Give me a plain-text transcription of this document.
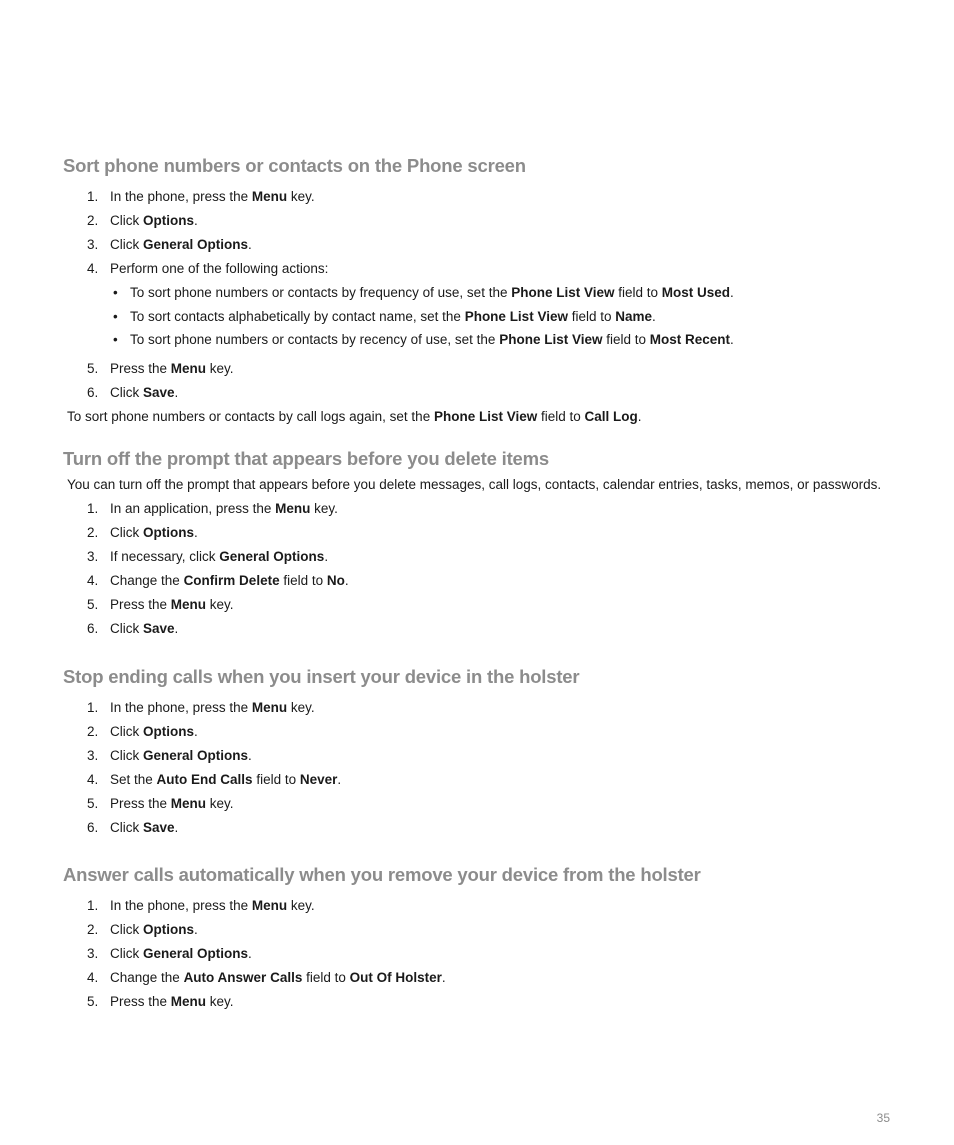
Sort phone numbers or contacts on the Phone screen
1. In the phone, press the Menu key.
2. Click Options.
3. Click General Options.
4. Perform one of the following actions:
• To sort phone numbers or contacts by frequency of use, set the Phone List View field to Most Used.
• To sort contacts alphabetically by contact name, set the Phone List View field to Name.
• To sort phone numbers or contacts by recency of use, set the Phone List View field to Most Recent.
5. Press the Menu key.
6. Click Save.

To sort phone numbers or contacts by call logs again, set the Phone List View field to Call Log.

Turn off the prompt that appears before you delete items

You can turn off the prompt that appears before you delete messages, call logs, contacts, calendar entries, tasks, memos, or passwords.

1. In an application, press the Menu key.
2. Click Options.
3. If necessary, click General Options.
4. Change the Confirm Delete field to No.
5. Press the Menu key.
6. Click Save.
Stop ending calls when you insert your device in the holster
1. In the phone, press the Menu key.
2. Click Options.
3. Click General Options.
4. Set the Auto End Calls field to Never.
5. Press the Menu key.
6. Click Save.
Answer calls automatically when you remove your device from the holster
1. In the phone, press the Menu key.
2. Click Options.
3. Click General Options.
4. Change the Auto Answer Calls field to Out Of Holster.
5. Press the Menu key.
35
